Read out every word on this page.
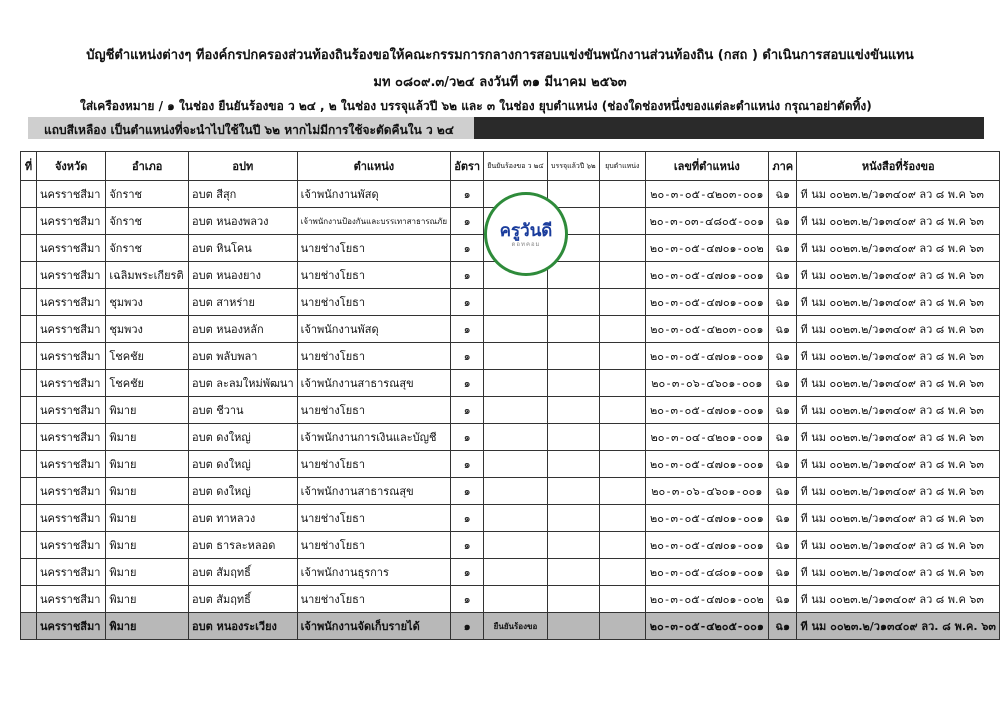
บัญชีตำแหน่งต่างๆ ทีองค์กรปกครองส่วนท้องถินร้องขอให้คณะกรรมการกลางการสอบแข่งขันพนักงานส่วนท้องถิน (กสถ ) ดำเนินการสอบแข่งขันแทน
มท ๐๘๐๙.๓/ว๒๔ ลงวันที ๓๑ มีนาคม ๒๕๖๓
ใส่เครืองหมาย / ๑ ในช่อง ยืนยันร้องขอ ว ๒๔ , ๒ ในช่อง บรรจุแล้วปี ๖๒ และ ๓ ในช่อง ยุบตำแหน่ง (ช่องใดช่องหนึ่งของแต่ละตำแหน่ง กรุณาอย่าตัดทิ้ง)
แถบสีเหลือง เป็นตำแหน่งที่จะนำไปใช้ในปี ๖๒ หากไม่มีการใช้จะตัดคืนใน ว ๒๔
ที่	จังหวัด	อำเภอ	อปท	ตำแหน่ง	อัตรา	ยืนยันร้องขอ ว ๒๔	บรรจุแล้วปี ๖๒	ยุบตำแหน่ง	เลขที่ตำแหน่ง	ภาค	หนังสือที่ร้องขอ
	นครราชสีมา	จักราช	อบต สีสุก	เจ้าพนักงานพัสดุ	๑				๒๐-๓-๐๕-๔๒๐๓-๐๐๑	ฉ๑	ที นม ๐๐๒๓.๒/ว๑๓๔๐๙ ลว ๘ พ.ค ๖๓
	นครราชสีมา	จักราช	อบต หนองพลวง	เจ้าพนักงานป้องกันและบรรเทาสาธารณภัย	๑				๒๐-๓-๐๓-๔๘๐๕-๐๐๑	ฉ๑	ที นม ๐๐๒๓.๒/ว๑๓๔๐๙ ลว ๘ พ.ค ๖๓
	นครราชสีมา	จักราช	อบต หินโคน	นายช่างโยธา	๑				๒๐-๓-๐๕-๔๗๐๑-๐๐๒	ฉ๑	ที นม ๐๐๒๓.๒/ว๑๓๔๐๙ ลว ๘ พ.ค ๖๓
	นครราชสีมา	เฉลิมพระเกียรติ	อบต หนองยาง	นายช่างโยธา	๑				๒๐-๓-๐๕-๔๗๐๑-๐๐๑	ฉ๑	ที นม ๐๐๒๓.๒/ว๑๓๔๐๙ ลว ๘ พ.ค ๖๓
	นครราชสีมา	ชุมพวง	อบต สาหร่าย	นายช่างโยธา	๑				๒๐-๓-๐๕-๔๗๐๑-๐๐๑	ฉ๑	ที นม ๐๐๒๓.๒/ว๑๓๔๐๙ ลว ๘ พ.ค ๖๓
	นครราชสีมา	ชุมพวง	อบต หนองหลัก	เจ้าพนักงานพัสดุ	๑				๒๐-๓-๐๕-๔๒๐๓-๐๐๑	ฉ๑	ที นม ๐๐๒๓.๒/ว๑๓๔๐๙ ลว ๘ พ.ค ๖๓
	นครราชสีมา	โชคชัย	อบต พลับพลา	นายช่างโยธา	๑				๒๐-๓-๐๕-๔๗๐๑-๐๐๑	ฉ๑	ที นม ๐๐๒๓.๒/ว๑๓๔๐๙ ลว ๘ พ.ค ๖๓
	นครราชสีมา	โชคชัย	อบต ละลมใหม่พัฒนา	เจ้าพนักงานสาธารณสุข	๑				๒๐-๓-๐๖-๔๖๐๑-๐๐๑	ฉ๑	ที นม ๐๐๒๓.๒/ว๑๓๔๐๙ ลว ๘ พ.ค ๖๓
	นครราชสีมา	พิมาย	อบต ชีวาน	นายช่างโยธา	๑				๒๐-๓-๐๕-๔๗๐๑-๐๐๑	ฉ๑	ที นม ๐๐๒๓.๒/ว๑๓๔๐๙ ลว ๘ พ.ค ๖๓
	นครราชสีมา	พิมาย	อบต ดงใหญ่	เจ้าพนักงานการเงินและบัญชี	๑				๒๐-๓-๐๔-๔๒๐๑-๐๐๑	ฉ๑	ที นม ๐๐๒๓.๒/ว๑๓๔๐๙ ลว ๘ พ.ค ๖๓
	นครราชสีมา	พิมาย	อบต ดงใหญ่	นายช่างโยธา	๑				๒๐-๓-๐๕-๔๗๐๑-๐๐๑	ฉ๑	ที นม ๐๐๒๓.๒/ว๑๓๔๐๙ ลว ๘ พ.ค ๖๓
	นครราชสีมา	พิมาย	อบต ดงใหญ่	เจ้าพนักงานสาธารณสุข	๑				๒๐-๓-๐๖-๔๖๐๑-๐๐๑	ฉ๑	ที นม ๐๐๒๓.๒/ว๑๓๔๐๙ ลว ๘ พ.ค ๖๓
	นครราชสีมา	พิมาย	อบต ทาหลวง	นายช่างโยธา	๑				๒๐-๓-๐๕-๔๗๐๑-๐๐๑	ฉ๑	ที นม ๐๐๒๓.๒/ว๑๓๔๐๙ ลว ๘ พ.ค ๖๓
	นครราชสีมา	พิมาย	อบต ธารละหลอด	นายช่างโยธา	๑				๒๐-๓-๐๕-๔๗๐๑-๐๐๑	ฉ๑	ที นม ๐๐๒๓.๒/ว๑๓๔๐๙ ลว ๘ พ.ค ๖๓
	นครราชสีมา	พิมาย	อบต สัมฤทธิ์	เจ้าพนักงานธุรการ	๑				๒๐-๓-๐๕-๔๘๐๑-๐๐๑	ฉ๑	ที นม ๐๐๒๓.๒/ว๑๓๔๐๙ ลว ๘ พ.ค ๖๓
	นครราชสีมา	พิมาย	อบต สัมฤทธิ์	นายช่างโยธา	๑				๒๐-๓-๐๕-๔๗๐๑-๐๐๒	ฉ๑	ที นม ๐๐๒๓.๒/ว๑๓๔๐๙ ลว ๘ พ.ค ๖๓
	นครราชสีมา	พิมาย	อบต หนองระเวียง	เจ้าพนักงานจัดเก็บรายได้	๑	ยืนยันร้องขอ			๒๐-๓-๐๕-๔๒๐๕-๐๐๑	ฉ๑	ที นม ๐๐๒๓.๒/ว๑๓๔๐๙ ลว. ๘ พ.ค. ๖๓
ครูวันดี
ดอทคอม
